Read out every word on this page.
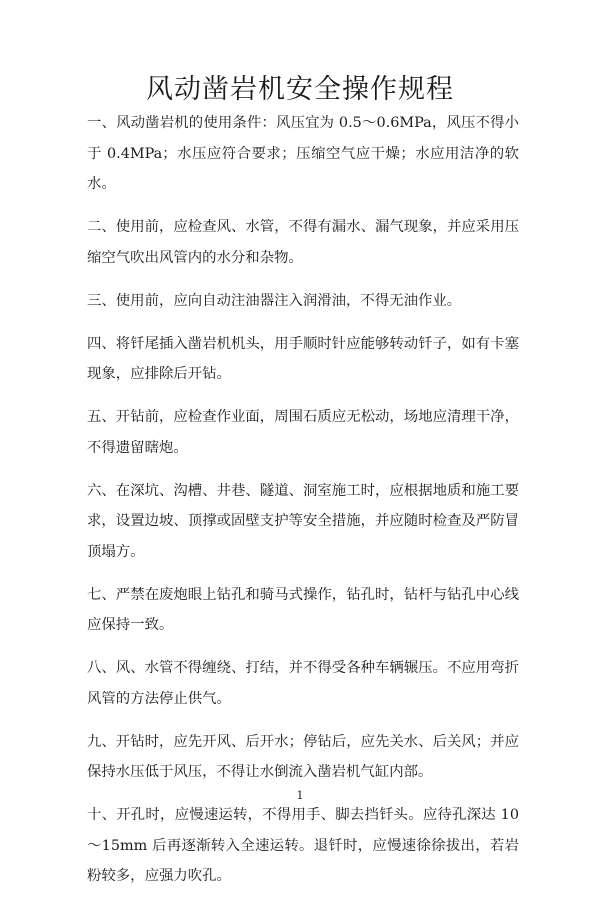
风动凿岩机安全操作规程

一、风动凿岩机的使用条件：风压宜为 0.5～0.6MPa，风压不得小于 0.4MPa；水压应符合要求；压缩空气应干燥；水应用洁净的软水。

二、使用前，应检查风、水管，不得有漏水、漏气现象，并应采用压缩空气吹出风管内的水分和杂物。

三、使用前，应向自动注油器注入润滑油，不得无油作业。

四、将钎尾插入凿岩机机头，用手顺时针应能够转动钎子，如有卡塞现象，应排除后开钻。

五、开钻前，应检查作业面，周围石质应无松动，场地应清理干净，不得遗留瞎炮。

六、在深坑、沟槽、井巷、隧道、洞室施工时，应根据地质和施工要求，设置边坡、顶撑或固壁支护等安全措施，并应随时检查及严防冒顶塌方。

七、严禁在废炮眼上钻孔和骑马式操作，钻孔时，钻杆与钻孔中心线应保持一致。

八、风、水管不得缠绕、打结，并不得受各种车辆辗压。不应用弯折风管的方法停止供气。

九、开钻时，应先开风、后开水；停钻后，应先关水、后关风；并应保持水压低于风压，不得让水倒流入凿岩机气缸内部。

十、开孔时，应慢速运转，不得用手、脚去挡钎头。应待孔深达 10～15mm 后再逐渐转入全速运转。退钎时，应慢速徐徐拔出，若岩粉较多，应强力吹孔。

1
